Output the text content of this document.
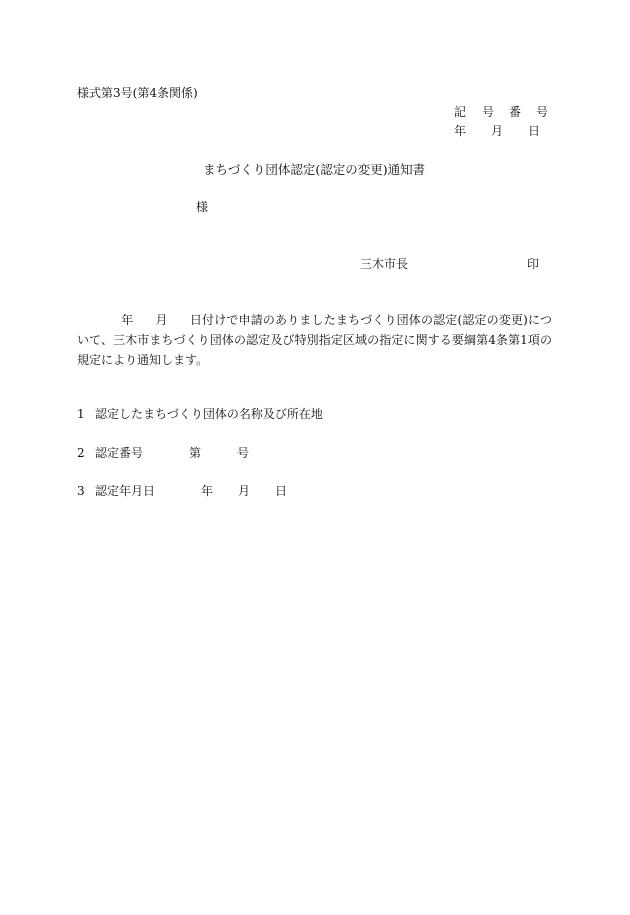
様式第3号(第4条関係)
記 号 番 号
年 月 日
まちづくり団体認定(認定の変更)通知書
様
三木市長	印
年 月 日付けで申請のありましたまちづくり団体の認定(認定の変更)について、三木市まちづくり団体の認定及び特別指定区域の指定に関する要綱第4条第1項の規定により通知します。
1 認定したまちづくり団体の名称及び所在地
2 認定番号	第	号
3 認定年月日	年 月 日
